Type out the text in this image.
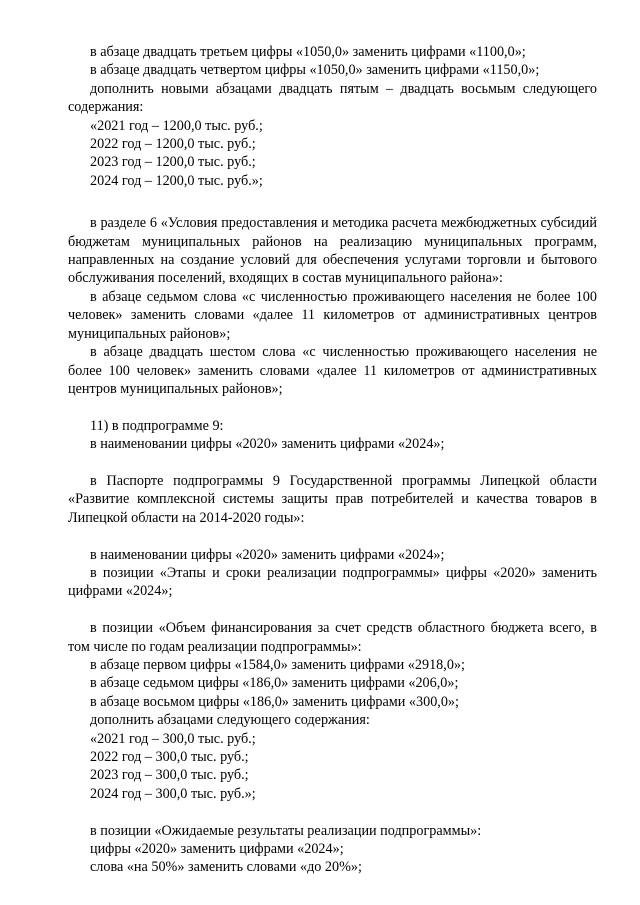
в абзаце двадцать третьем цифры «1050,0» заменить цифрами «1100,0»;

в абзаце двадцать четвертом цифры «1050,0» заменить цифрами «1150,0»;

дополнить новыми абзацами двадцать пятым – двадцать восьмым следующего содержания:

«2021 год – 1200,0 тыс. руб.;

2022 год – 1200,0 тыс. руб.;

2023 год – 1200,0 тыс. руб.;

2024 год – 1200,0 тыс. руб.»;

в разделе 6 «Условия предоставления и методика расчета межбюджетных субсидий бюджетам муниципальных районов на реализацию муниципальных программ, направленных на создание условий для обеспечения услугами торговли и бытового обслуживания поселений, входящих в состав муниципального района»:

в абзаце седьмом слова «с численностью проживающего населения не более 100 человек» заменить словами «далее 11 километров от административных центров муниципальных районов»;

в абзаце двадцать шестом слова «с численностью проживающего населения не более 100 человек» заменить словами «далее 11 километров от административных центров муниципальных районов»;

11) в подпрограмме 9:

в наименовании цифры «2020» заменить цифрами «2024»;

в Паспорте подпрограммы 9 Государственной программы Липецкой области «Развитие комплексной системы защиты прав потребителей и качества товаров в Липецкой области на 2014-2020 годы»:

в наименовании цифры «2020» заменить цифрами «2024»;

в позиции «Этапы и сроки реализации подпрограммы» цифры «2020» заменить цифрами «2024»;

в позиции «Объем финансирования за счет средств областного бюджета всего, в том числе по годам реализации подпрограммы»:

в абзаце первом цифры «1584,0» заменить цифрами «2918,0»;

в абзаце седьмом цифры «186,0» заменить цифрами «206,0»;

в абзаце восьмом цифры «186,0» заменить цифрами «300,0»;

дополнить абзацами следующего содержания:

«2021 год – 300,0 тыс. руб.;

2022 год – 300,0 тыс. руб.;

2023 год – 300,0 тыс. руб.;

2024 год – 300,0 тыс. руб.»;

в позиции «Ожидаемые результаты реализации подпрограммы»:

цифры «2020» заменить цифрами «2024»;

слова «на 50%» заменить словами «до 20%»;
